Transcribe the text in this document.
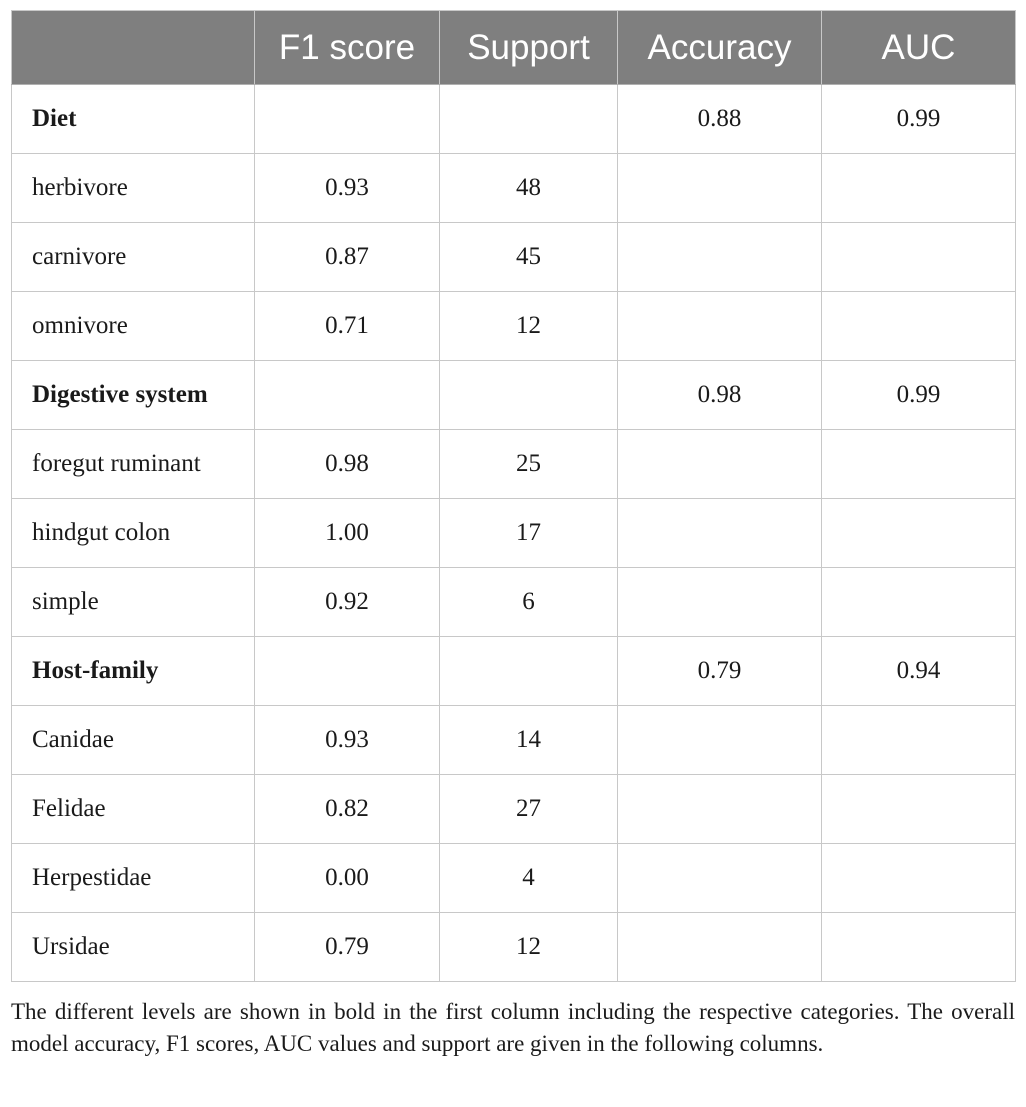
	F1 score	Support	Accuracy	AUC
Diet			0.88	0.99
herbivore	0.93	48		
carnivore	0.87	45		
omnivore	0.71	12		
Digestive system			0.98	0.99
foregut ruminant	0.98	25		
hindgut colon	1.00	17		
simple	0.92	6		
Host-family			0.79	0.94
Canidae	0.93	14		
Felidae	0.82	27		
Herpestidae	0.00	4		
Ursidae	0.79	12		

The different levels are shown in bold in the first column including the respective categories. The overall model accuracy, F1 scores, AUC values and support are given in the following columns.
